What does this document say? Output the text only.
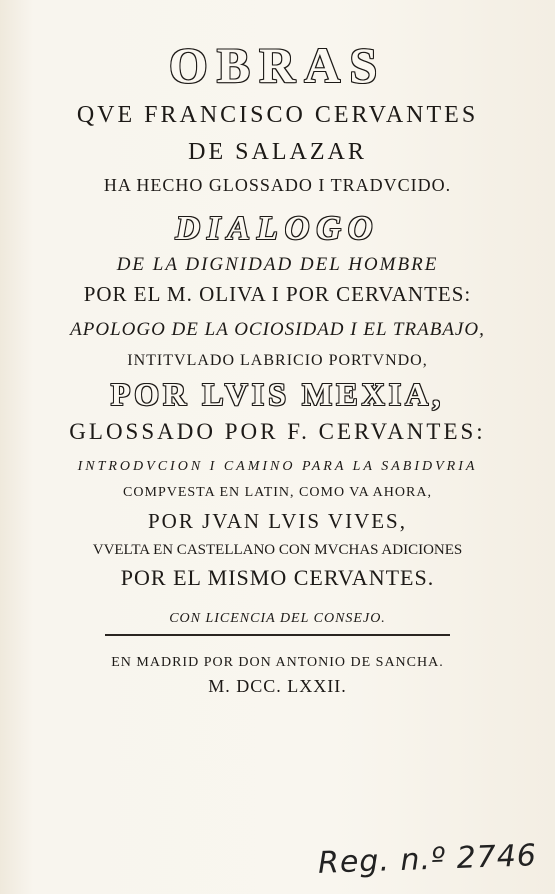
OBRAS
QVE FRANCISCO CERVANTES
DE SALAZAR
HA HECHO GLOSSADO I TRADVCIDO.
DIALOGO
DE LA DIGNIDAD DEL HOMBRE
POR EL M. OLIVA I POR CERVANTES:
APOLOGO DE LA OCIOSIDAD I EL TRABAJO,
INTITVLADO LABRICIO PORTVNDO,
POR LVIS MEXIA,
GLOSSADO POR F. CERVANTES:
INTRODVCION I CAMINO PARA LA SABIDVRIA
COMPVESTA EN LATIN, COMO VA AHORA,
POR JVAN LVIS VIVES,
VVELTA EN CASTELLANO CON MVCHAS ADICIONES
POR EL MISMO CERVANTES.
CON LICENCIA DEL CONSEJO.
EN MADRID POR DON ANTONIO DE SANCHA.
M. DCC. LXXII.
Reg. n.º 2746
